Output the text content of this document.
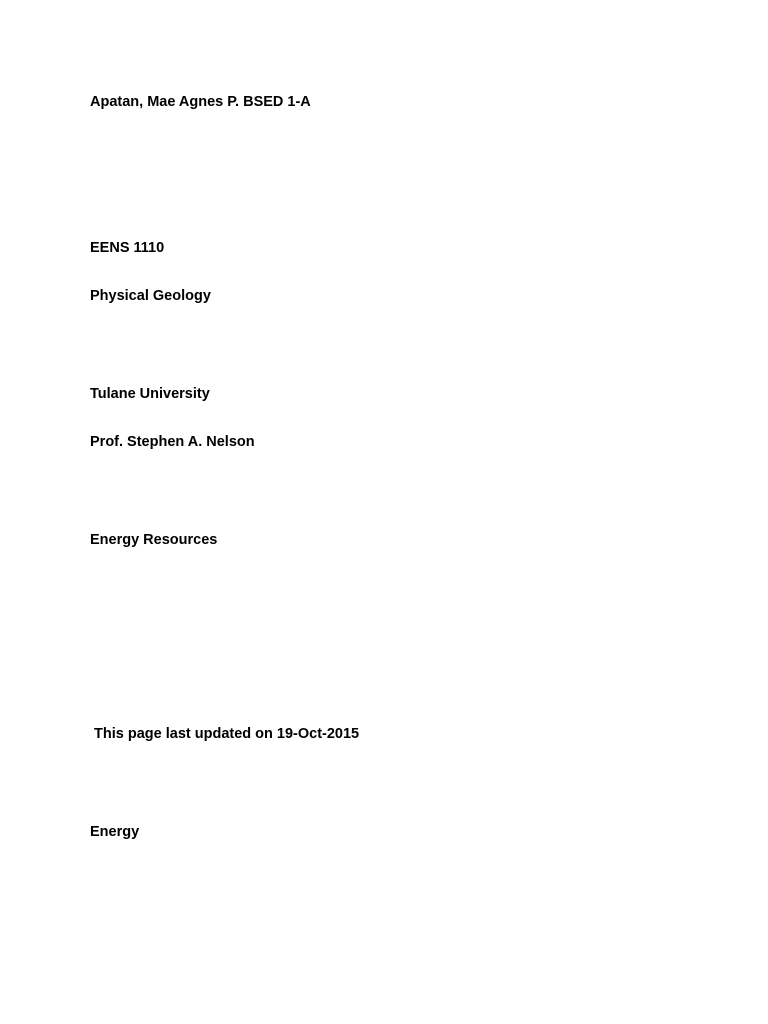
Apatan, Mae Agnes P. BSED 1-A
EENS 1110
Physical Geology
Tulane University
Prof. Stephen A. Nelson
Energy Resources
This page last updated on 19-Oct-2015
Energy
